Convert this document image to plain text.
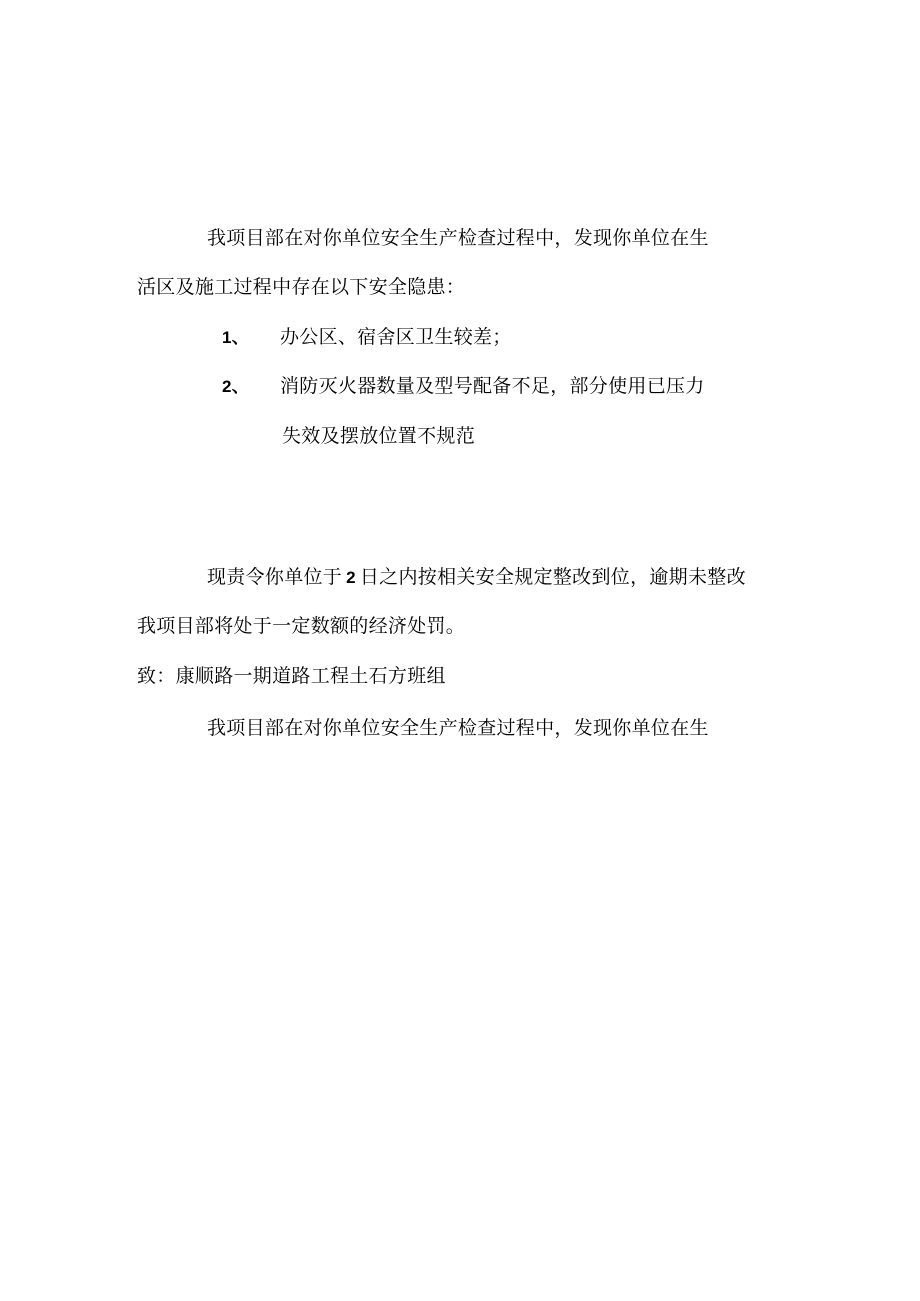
我项目部在对你单位安全生产检查过程中，发现你单位在生
活区及施工过程中存在以下安全隐患：
1、 办公区、宿舍区卫生较差；
2、 消防灭火器数量及型号配备不足，部分使用已压力
失效及摆放位置不规范
现责令你单位于 2 日之内按相关安全规定整改到位，逾期未整改
我项目部将处于一定数额的经济处罚。
致：康顺路一期道路工程土石方班组
我项目部在对你单位安全生产检查过程中，发现你单位在生
